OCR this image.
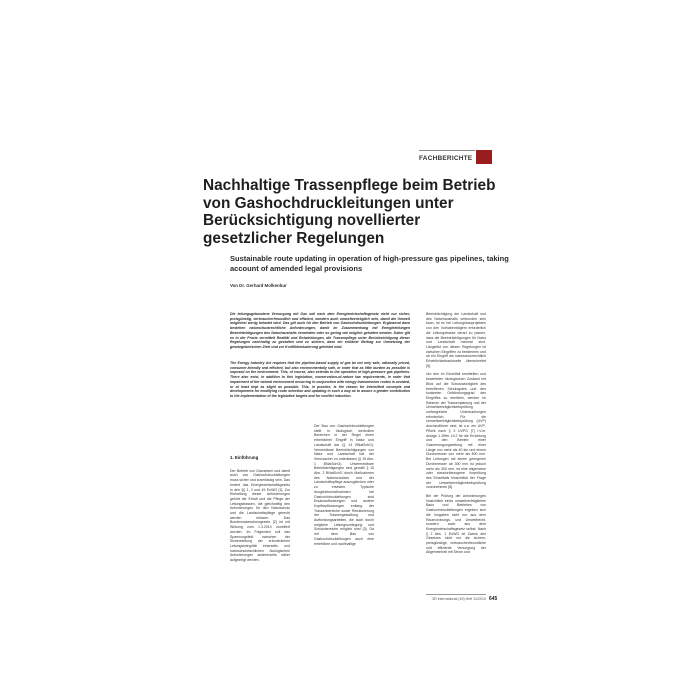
FACHBERICHTE
Nachhaltige Trassenpflege beim Betrieb von Gashochdruckleitungen unter Berücksichtigung novellierter gesetzlicher Regelungen
Sustainable route updating in operation of high-pressure gas pipelines, taking account of amended legal provisions
Von Dr. Gerhard Molkenbur
Die leitungsgebundene Versorgung mit Gas soll nach dem Energiewirtschaftsgesetz nicht nur sicher, preisgünstig, verbraucherfreundlich und effizient, sondern auch umweltverträglich sein, damit die Umwelt möglichst wenig belastet wird. Das gilt auch für den Betrieb von Gashochdruckleitungen. Ergänzend dazu bestehen naturschutzrechtliche Anforderungen, damit im Zusammenhang mit Energieleitungen Beeinträchtigungen des Naturhaushalts vermieden oder so gering wie möglich gehalten werden. Daher gilt es in der Praxis vermittelt Realität und Entwicklungen, die Trassenpflege unter Berücksichtigung dieser Regelungen nachhaltig zu gestalten und zu sichern, dass ein erklärter Beitrag zur Umsetzung der gesetzgeberischen Ziele und zur Konfliktreduzierung geleistet wird.
The Energy Industry Act requires that the pipeline-based supply of gas be not only safe, rationally priced, consumer-friendly and efficient, but also environmentally safe, in order that as little burden as possible is imposed on the environment. This, of course, also extends to the operation of high-pressure gas pipelines. There also exist, in addition to this legislation, conservation-of-nature law requirements, in order that impairment of the natural environment occurring in conjunction with energy transmission routes is avoided, or at least kept as slight as possible. This, in practice, is the reason for intensified concepts and developments for modifying route selection and updating in such a way as to assure a greater contribution to the implementation of the legislative targets and for conflict reduction.
1. Einführung

Der Betrieb von Gasnetzen und damit auch von Gashochdruckleitungen muss sicher und zuverlässig sein. Das fordert das Energiewirtschaftsgesetz in den §§ 1, 2 und 49 EnWG [1]. Zur Einhaltung dieser Anforderungen gehört der Erhalt und die Pflege der Leitungstrassen, die gleichzeitig den Anforderungen für den Naturschutz und die Landschaftspflege gerecht werden müssen. Das Bundesnaturschutzgesetz [2] ist mit Wirkung zum 1.3.2010 novelliert worden. Im Folgenden soll das Spannungsfeld zwischen der Sicherstellung der erforderlichen Leitungsintegrität einerseits und naturschutzfachlichen ökologischen Anforderungen andererseits näher aufgezeigt werden.

Der Bau von Gashochdruckleitungen stellt in ökologisch wertvollen Bereichen in der Regel einen erheblichen Eingriff in Natur und Landschaft dar (§ 14 BNatSchG). Vermeidbare Beeinträchtigungen von Natur und Landschaft hat der Verursacher zu unterlassen (§ 15 Abs. 1 BNatSchG). Unvermeidbare Beeinträchtigungen sind gemäß § 15 Abs. 2 BNatSchG durch Maßnahmen des Naturschutzes und der Landschaftspflege auszugleichen oder zu ersetzen. Typische Ausgleichsmaßnahmen bei Gashochdruckleitungen sind Ersatzaufforstungen und andere Kopfbepflanzungen entlang der Trassenbereiche sowie Renaturierung der Trassengestaltung und Aufforstungsarbeiten, die auch durch mögliche Leitungsumlegung und Schutzbereiche möglich sind [3]. Da mit dem Bau von Gashochdruckleitungen auch eine erhebliche und nachhaltige

Beeinträchtigung der Landschaft und des Naturhaushalts verbunden sein kann, ist es bei Leitungsbauprojekten von den Vorhabenträgern erforderlich die Leitungstrasse derart zu planen, dass die Beeinträchtigungen für Natur und Landschaft minimal sind. Längsbild von diesen Regelungen ist zwischen Eingriffen zu bestimmen und ob ein Eingriff als naturschutzrechtlich Erheblichkeitsschwelle überschreitet [5].

Um den im Einzelfall ermittelten und bewerteten ökologischen Zustand mit Blick auf die Schutzwürdigkeit des betroffenen Schutzgutes und den konkreten Gefährdungsgrad des Eingriffes zu ermitteln, werden im Rahmen der Trassenplanung und der Umweltverträglichkeitsprüfung umfangreiche Untersuchungen erforderlich. Für die Umweltverträglichkeitsprüfung (UVP) durchzuführen sind, ist u.a. ein UVP-Pflicht nach § 3 UVPG [7] i.V.m. Anlage 1 Ziffer 19.2 für die Errichtung und den Betrieb einer Gasversorgungsleitung mit einer Länge von mehr als 40 km und einem Durchmesser von mehr als 800 mm. Bei Leitungen mit einem geringeren Durchmesser ab 300 mm ist jedoch mehr als 300 mm, ist eine allgemeine oder standortbezogene Vorprüfung des Einzelfalls hinsichtlich der Frage der Umweltverträglichkeitsprüfung vorzunehmen [8].

Bei der Prüfung der Anforderungen hinsichtlich eines umweltverträglichen Baus und Betriebes von Gashochdruckleitungen ergeben sich die Vorgaben nicht nur aus dem Raumordnungs- und Umweltrecht, sondern auch aus dem Energiewirtschaftsgesetz selbst. Nach § 2 Abs. 1 EnWG ist Zweck des Gesetzes nicht nur die sichere, preisgünstige, verbraucherfreundliche und effiziente Versorgung der Allgemeinheit mit Strom und

3R international (49) Heft 11/2010 645
